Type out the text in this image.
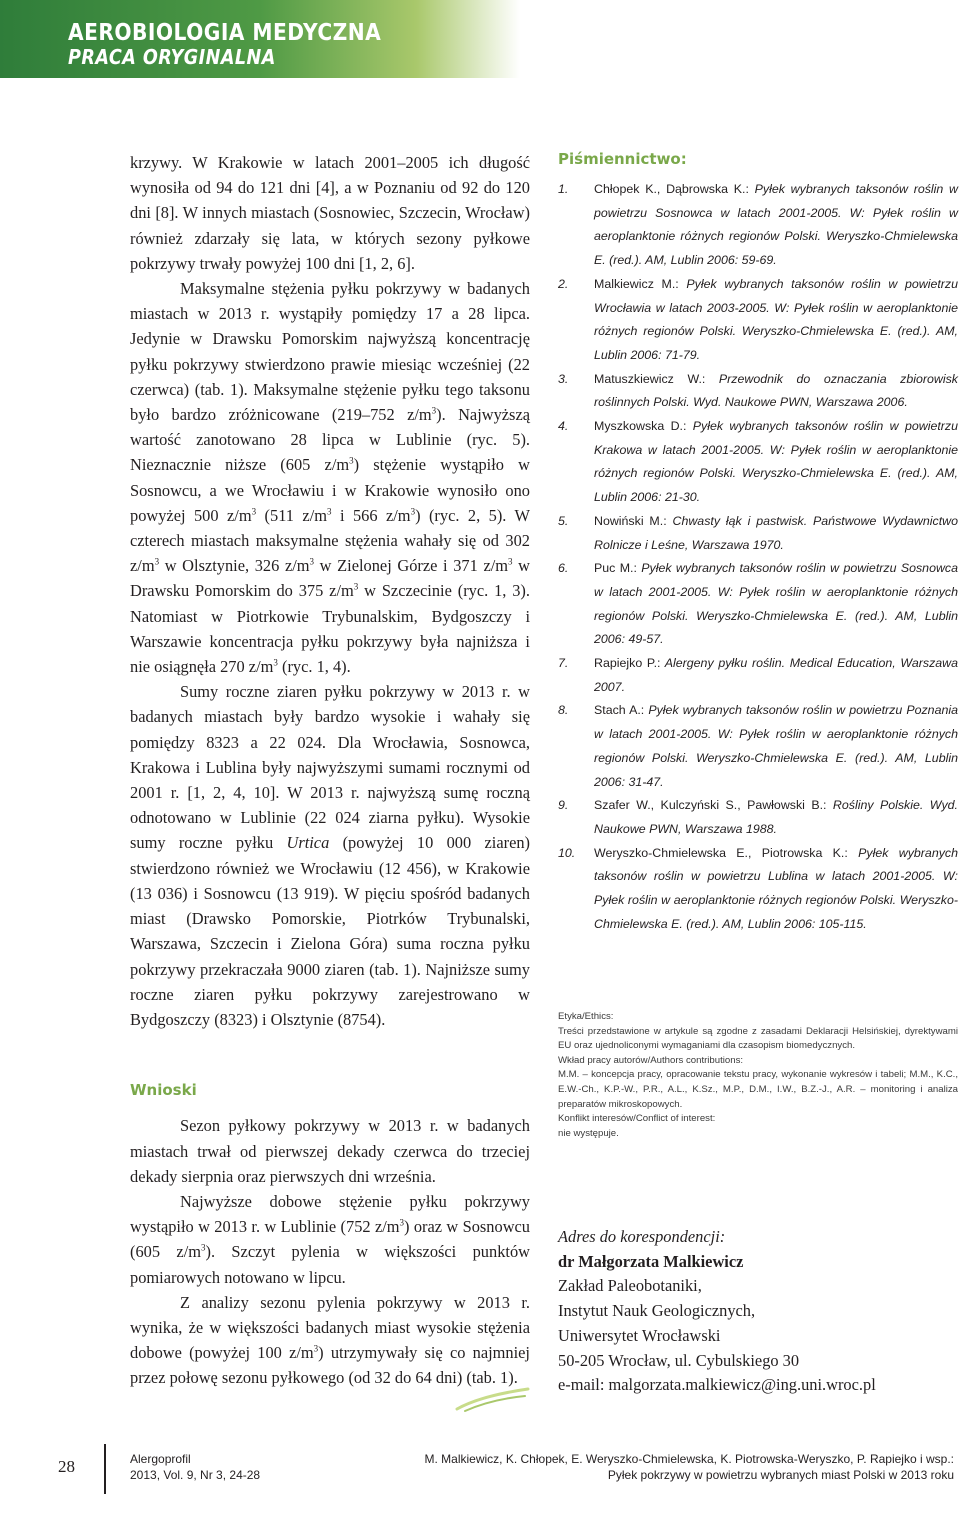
AEROBIOLOGIA MEDYCZNA
PRACA ORYGINALNA

krzywy. W Krakowie w latach 2001–2005 ich długość wynosiła od 94 do 121 dni [4], a w Poznaniu od 92 do 120 dni [8]. W innych miastach (Sosnowiec, Szczecin, Wrocław) również zdarzały się lata, w których sezony pyłkowe pokrzywy trwały powyżej 100 dni [1, 2, 6].

Maksymalne stężenia pyłku pokrzywy w badanych miastach w 2013 r. wystąpiły pomiędzy 17 a 28 lipca. Jedynie w Drawsku Pomorskim najwyższą koncentrację pyłku pokrzywy stwierdzono prawie miesiąc wcześniej (22 czerwca) (tab. 1). Maksymalne stężenie pyłku tego taksonu było bardzo zróżnicowane (219–752 $z/m^3$). Najwyższą wartość zanotowano 28 lipca w Lublinie (ryc. 5). Nieznacznie niższe (605 $z/m^3$) stężenie wystąpiło w Sosnowcu, a we Wrocławiu i w Krakowie wynosiło ono powyżej 500 $z/m^3$ (511 $z/m^3$ i 566 $z/m^3$) (ryc. 2, 5). W czterech miastach maksymalne stężenia wahały się od 302 $z/m^3$ w Olsztynie, 326 $z/m^3$ w Zielonej Górze i 371 $z/m^3$ w Drawsku Pomorskim do 375 $z/m^3$ w Szczecinie (ryc. 1, 3). Natomiast w Piotrkowie Trybunalskim, Bydgoszczy i Warszawie koncentracja pyłku pokrzywy była najniższa i nie osiągnęła 270 $z/m^3$ (ryc. 1, 4).

Sumy roczne ziaren pyłku pokrzywy w 2013 r. w badanych miastach były bardzo wysokie i wahały się pomiędzy 8323 a 22 024. Dla Wrocławia, Sosnowca, Krakowa i Lublina były najwyższymi sumami rocznymi od 2001 r. [1, 2, 4, 10]. W 2013 r. najwyższą sumę roczną odnotowano w Lublinie (22 024 ziarna pyłku). Wysokie sumy roczne pyłku Urtica (powyżej 10 000 ziaren) stwierdzono również we Wrocławiu (12 456), w Krakowie (13 036) i Sosnowcu (13 919). W pięciu spośród badanych miast (Drawsko Pomorskie, Piotrków Trybunalski, Warszawa, Szczecin i Zielona Góra) suma roczna pyłku pokrzywy przekraczała 9000 ziaren (tab. 1). Najniższe sumy roczne ziaren pyłku pokrzywy zarejestrowano w Bydgoszczy (8323) i Olsztynie (8754).

Wnioski

Sezon pyłkowy pokrzywy w 2013 r. w badanych miastach trwał od pierwszej dekady czerwca do trzeciej dekady sierpnia oraz pierwszych dni września.

Najwyższe dobowe stężenie pyłku pokrzywy wystąpiło w 2013 r. w Lublinie (752 $z/m^3$) oraz w Sosnowcu (605 $z/m^3$). Szczyt pylenia w większości punktów pomiarowych notowano w lipcu.

Z analizy sezonu pylenia pokrzywy w 2013 r. wynika, że w większości badanych miast wysokie stężenia dobowe (powyżej 100 $z/m^3$) utrzymywały się co najmniej przez połowę sezonu pyłkowego (od 32 do 64 dni) (tab. 1).

Piśmiennictwo:
1. Chłopek K., Dąbrowska K.: Pyłek wybranych taksonów roślin w powietrzu Sosnowca w latach 2001-2005. W: Pyłek roślin w aeroplanktonie różnych regionów Polski. Weryszko-Chmielewska E. (red.). AM, Lublin 2006: 59-69.
2. Malkiewicz M.: Pyłek wybranych taksonów roślin w powietrzu Wrocławia w latach 2003-2005. W: Pyłek roślin w aeroplanktonie różnych regionów Polski. Weryszko-Chmielewska E. (red.). AM, Lublin 2006: 71-79.
3. Matuszkiewicz W.: Przewodnik do oznaczania zbiorowisk roślinnych Polski. Wyd. Naukowe PWN, Warszawa 2006.
4. Myszkowska D.: Pyłek wybranych taksonów roślin w powietrzu Krakowa w latach 2001-2005. W: Pyłek roślin w aeroplanktonie różnych regionów Polski. Weryszko-Chmielewska E. (red.). AM, Lublin 2006: 21-30.
5. Nowiński M.: Chwasty łąk i pastwisk. Państwowe Wydawnictwo Rolnicze i Leśne, Warszawa 1970.
6. Puc M.: Pyłek wybranych taksonów roślin w powietrzu Sosnowca w latach 2001-2005. W: Pyłek roślin w aeroplanktonie różnych regionów Polski. Weryszko-Chmielewska E. (red.). AM, Lublin 2006: 49-57.
7. Rapiejko P.: Alergeny pyłku roślin. Medical Education, Warszawa 2007.
8. Stach A.: Pyłek wybranych taksonów roślin w powietrzu Poznania w latach 2001-2005. W: Pyłek roślin w aeroplanktonie różnych regionów Polski. Weryszko-Chmielewska E. (red.). AM, Lublin 2006: 31-47.
9. Szafer W., Kulczyński S., Pawłowski B.: Rośliny Polskie. Wyd. Naukowe PWN, Warszawa 1988.
10. Weryszko-Chmielewska E., Piotrowska K.: Pyłek wybranych taksonów roślin w powietrzu Lublina w latach 2001-2005. W: Pyłek roślin w aeroplanktonie różnych regionów Polski. Weryszko-Chmielewska E. (red.). AM, Lublin 2006: 105-115.
Etyka/Ethics:
Treści przedstawione w artykule są zgodne z zasadami Deklaracji Helsińskiej, dyrektywami EU oraz ujednoliconymi wymaganiami dla czasopism biomedycznych.
Wkład pracy autorów/Authors contributions:
M.M. – koncepcja pracy, opracowanie tekstu pracy, wykonanie wykresów i tabeli; M.M., K.C., E.W.-Ch., K.P.-W., P.R., A.L., K.Sz., M.P., D.M., I.W., B.Z.-J., A.R. – monitoring i analiza preparatów mikroskopowych.
Konflikt interesów/Conflict of interest:
nie występuje.
Adres do korespondencji:
dr Małgorzata Malkiewicz
Zakład Paleobotaniki,
Instytut Nauk Geologicznych,
Uniwersytet Wrocławski
50-205 Wrocław, ul. Cybulskiego 30
e-mail: malgorzata.malkiewicz@ing.uni.wroc.pl
28	Alergoprofil
2013, Vol. 9, Nr 3, 24-28
M. Malkiewicz, K. Chłopek, E. Weryszko-Chmielewska, K. Piotrowska-Weryszko, P. Rapiejko i wsp.:
Pyłek pokrzywy w powietrzu wybranych miast Polski w 2013 roku
